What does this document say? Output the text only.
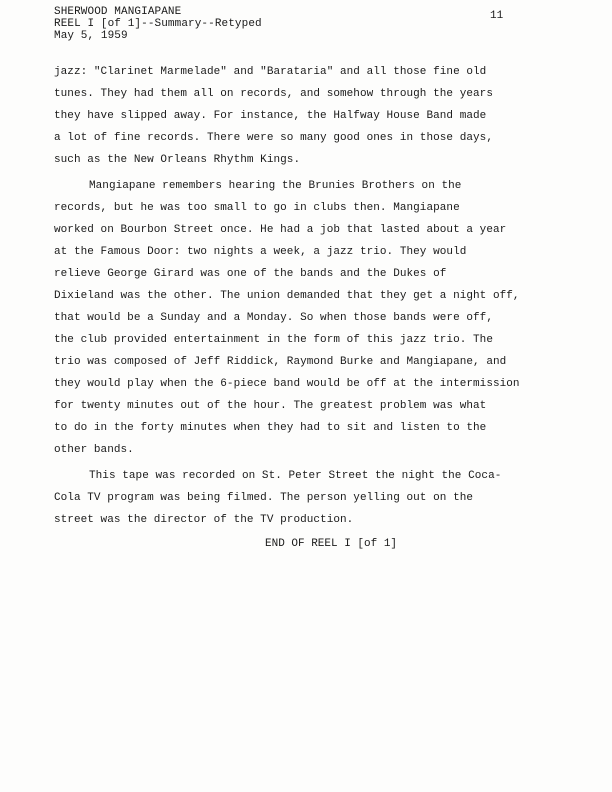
SHERWOOD MANGIAPANE
REEL I [of 1]--Summary--Retyped
May 5, 1959
11
jazz: "Clarinet Marmelade" and "Barataria" and all those fine old
tunes. They had them all on records, and somehow through the years
they have slipped away. For instance, the Halfway House Band made
a lot of fine records. There were so many good ones in those days,
such as the New Orleans Rhythm Kings.
Mangiapane remembers hearing the Brunies Brothers on the
records, but he was too small to go in clubs then. Mangiapane
worked on Bourbon Street once. He had a job that lasted about a year
at the Famous Door: two nights a week, a jazz trio. They would
relieve George Girard was one of the bands and the Dukes of
Dixieland was the other. The union demanded that they get a night off,
that would be a Sunday and a Monday. So when those bands were off,
the club provided entertainment in the form of this jazz trio. The
trio was composed of Jeff Riddick, Raymond Burke and Mangiapane, and
they would play when the 6-piece band would be off at the intermission
for twenty minutes out of the hour. The greatest problem was what
to do in the forty minutes when they had to sit and listen to the
other bands.
This tape was recorded on St. Peter Street the night the Coca-
Cola TV program was being filmed. The person yelling out on the
street was the director of the TV production.
END OF REEL I [of 1]
